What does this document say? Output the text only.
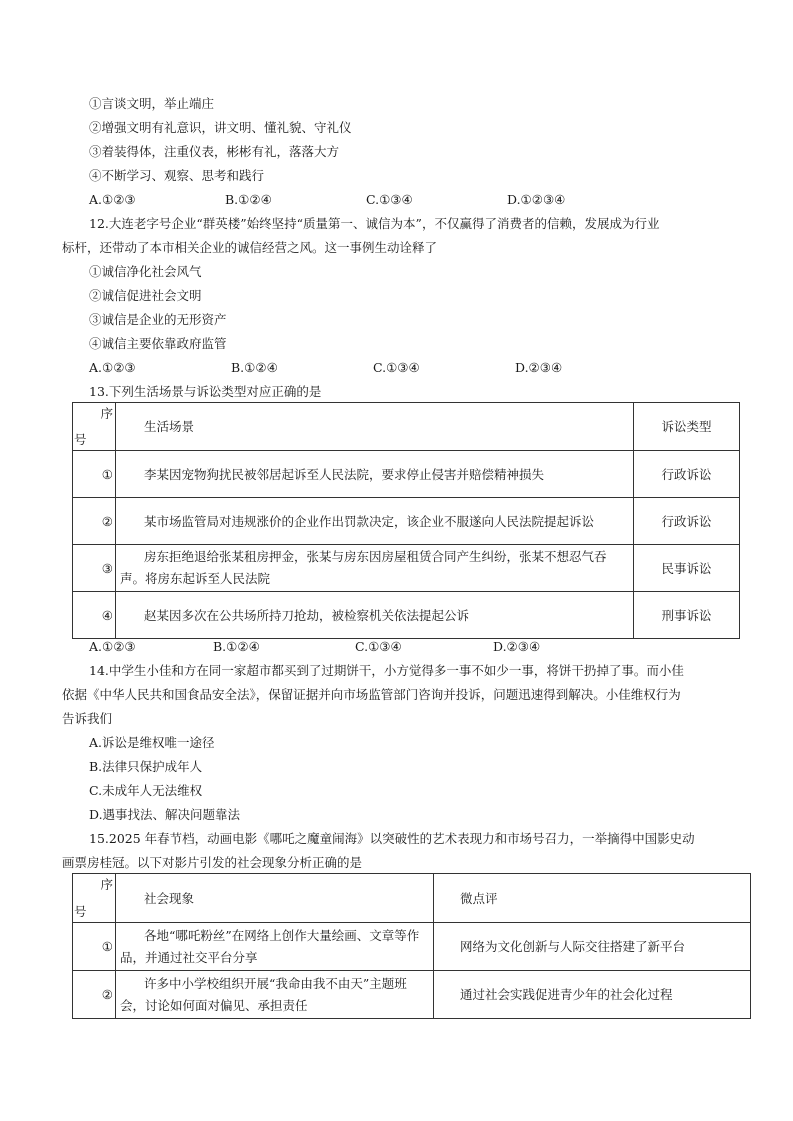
①言谈文明，举止端庄
②增强文明有礼意识，讲文明、懂礼貌、守礼仪
③着装得体，注重仪表，彬彬有礼，落落大方
④不断学习、观察、思考和践行
A.①②③	B.①②④	C.①③④	D.①②③④
12.大连老字号企业“群英楼”始终坚持“质量第一、诚信为本”，不仅赢得了消费者的信赖，发展成为行业
标杆，还带动了本市相关企业的诚信经营之风。这一事例生动诠释了
①诚信净化社会风气
②诚信促进社会文明
③诚信是企业的无形资产
④诚信主要依靠政府监管
A.①②③	B.①②④	C.①③④	D.②③④
13.下列生活场景与诉讼类型对应正确的是
序
号	生活场景	诉讼类型
①	李某因宠物狗扰民被邻居起诉至人民法院，要求停止侵害并赔偿精神损失	行政诉讼
②	某市场监管局对违规涨价的企业作出罚款决定，该企业不服遂向人民法院提起诉讼	行政诉讼
③	房东拒绝退给张某租房押金，张某与房东因房屋租赁合同产生纠纷，张某不想忍气吞声。将房东起诉至人民法院	民事诉讼
④	赵某因多次在公共场所持刀抢劫，被检察机关依法提起公诉	刑事诉讼
A.①②③	B.①②④	C.①③④	D.②③④
14.中学生小佳和方在同一家超市都买到了过期饼干，小方觉得多一事不如少一事，将饼干扔掉了事。而小佳
依据《中华人民共和国食品安全法》，保留证据并向市场监管部门咨询并投诉，问题迅速得到解决。小佳维权行为
告诉我们
A.诉讼是维权唯一途径
B.法律只保护成年人
C.未成年人无法维权
D.遇事找法、解决问题靠法
15.2025 年春节档，动画电影《哪吒之魔童闹海》以突破性的艺术表现力和市场号召力，一举摘得中国影史动
画票房桂冠。以下对影片引发的社会现象分析正确的是
序
号	社会现象	微点评
①	各地“哪吒粉丝”在网络上创作大量绘画、文章等作品，并通过社交平台分享	网络为文化创新与人际交往搭建了新平台
②	许多中小学校组织开展“我命由我不由天”主题班会，讨论如何面对偏见、承担责任	通过社会实践促进青少年的社会化过程
